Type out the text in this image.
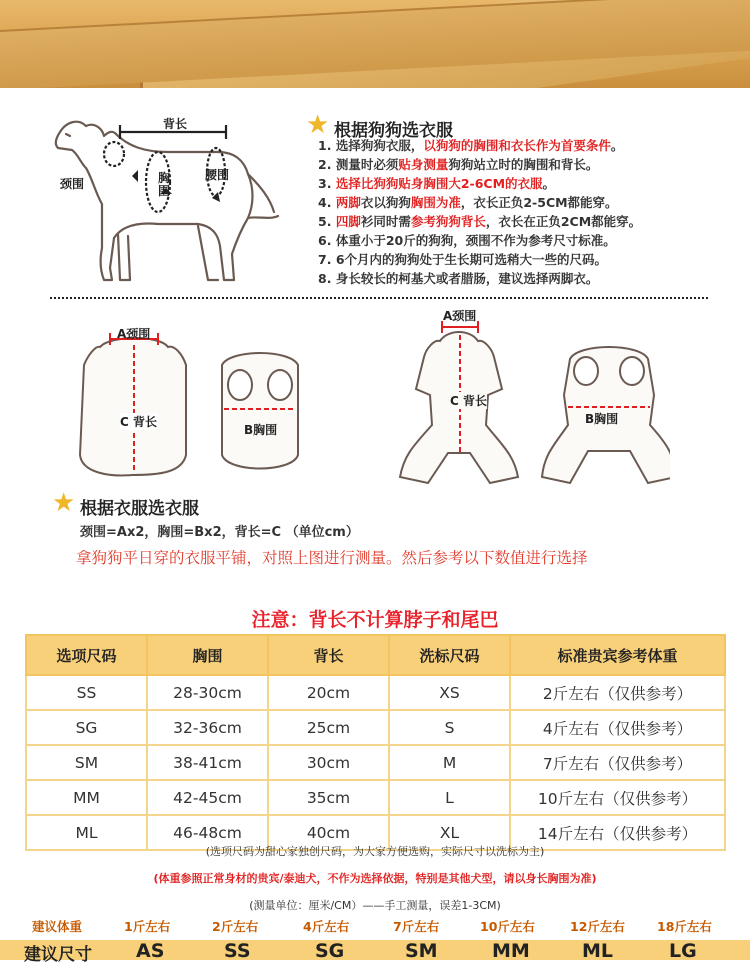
背长
颈围	胸围
腰围
★ 根据狗狗选衣服
1. 选择狗狗衣服，以狗狗的胸围和衣长作为首要条件。
2. 测量时必须贴身测量狗狗站立时的胸围和背长。
3. 选择比狗狗贴身胸围大2-6CM的衣服。
4. 两脚衣以狗狗胸围为准，衣长正负2-5CM都能穿。
5. 四脚衫同时需参考狗狗背长，衣长在正负2CM都能穿。
6. 体重小于20斤的狗狗，颈围不作为参考尺寸标准。
7. 6个月内的狗狗处于生长期可选稍大一些的尺码。
8. 身长较长的柯基犬或者腊肠，建议选择两脚衣。
A颈围
C 背长
B胸围
A颈围
C 背长
B胸围
★ 根据衣服选衣服
颈围=Ax2，胸围=Bx2，背长=C （单位cm）
拿狗狗平日穿的衣服平铺，对照上图进行测量。然后参考以下数值进行选择
注意：背长不计算脖子和尾巴
选项尺码	胸围	背长	洗标尺码	标准贵宾参考体重
SS	28-30cm	20cm	XS	2斤左右（仅供参考）
SG	32-36cm	25cm	S	4斤左右（仅供参考）
SM	38-41cm	30cm	M	7斤左右（仅供参考）
MM	42-45cm	35cm	L	10斤左右（仅供参考）
ML	46-48cm	40cm	XL	14斤左右（仅供参考）
(选项尺码为甜心家独创尺码，为大家方便选购，实际尺寸以洗标为主)
(体重参照正常身材的贵宾/泰迪犬，不作为选择依据，特别是其他犬型，请以身长胸围为准)
(测量单位：厘米/CM）——手工测量，误差1-3CM)
建议体重	1斤左右	2斤左右	4斤左右	7斤左右	10斤左右	12斤左右	18斤左右
建议尺寸 AS	SS	SG	SM	MM	ML	LG
